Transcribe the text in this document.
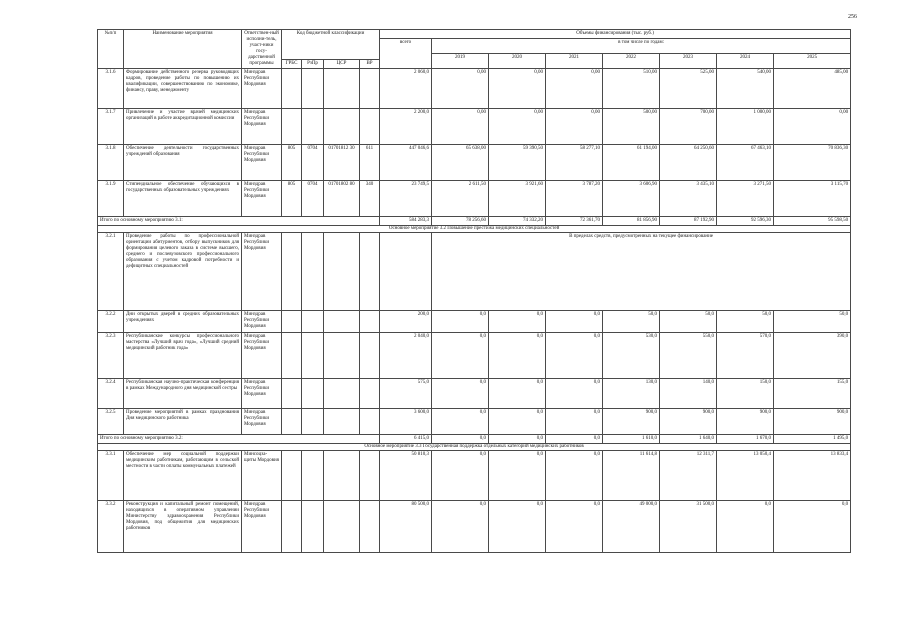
256
№п/п	Наименование мероприятия	Ответствен-ный исполни-тель, участ-ники госу-дарственной программы	Код бюджетной классификации				Объемы финансирования (тыс. руб.)							
							всего	в том числе по годам:						
								2019	2020	2021	2022	2023	2024	2025
			ГРБС	РзПр	ЦСР	ВР								
3.1.6	Формирование действенного резерва руководящих кадров, проведение работы по повышению их квалификации, совершенствованию по экономике, финансу, праву, менеджменту	Минздрав Республики Мордовия					2 060,0	0,00	0,00	0,00	510,00	525,00	540,00	485,00
3.1.7	Привлечение и участие врачей медицинских организаций в работе аккредитационной комиссии	Минздрав Республики Мордовия					2 200,0	0,00	0,00	0,00	500,00	700,00	1 000,00	0,00
3.1.8	Обеспечение деятельности государственных учреждений образования	Минздрав Республики Мордовия	805	0704	01701812 30	611	447 046,6	65 638,00	59 390,50	58 277,10	61 194,00	64 250,60	67 463,10	70 836,30
3.1.9	Стипендиальное обеспечение обучающихся в государственных образовательных учреждениях	Минздрав Республики Мордовия	805	0704	01701802 80	340	23 749,5	2 611,50	3 921,60	3 787,20	3 606,90	3 435,10	3 271,50	3 115,70
Итого по основному мероприятию 3.1:							584 283,3	78 256,60	74 332,20	72 361,70	81 856,90	87 192,90	92 596,30	95 598,50
Основное мероприятие 3.2 Повышение престижа медицинских специальностей														
3.2.1	Проведение работы по профессиональной ориентации абитуриентов, отбору выпускников для формирования целевого заказа в системе высшего, среднего и послевузовского профессионального образования с учетом кадровой потребности и дефицитных специальностей	Минздрав Республики Мордовия						В пределах средств, предусмотренных на текущее финансирование						

3.2.2	Дни открытых дверей в средних образовательных учреждениях	Минздрав Республики Мордовия					200,0	0,0	0,0	0,0	50,0	50,0	50,0	50,0
3.2.3	Республиканские конкурсы профессионального мастерства «Лучший врач года», «Лучший средний медицинский работник года»	Минздрав Республики Мордовия					2 040,0	0,0	0,0	0,0	530,0	550,0	570,0	390,0
3.2.4	Республиканская научно-практическая конференция в рамках Международного дня медицинской сестры	Минздрав Республики Мордовия					575,0	0,0	0,0	0,0	130,0	140,0	150,0	155,0
3.2.5	Проведение мероприятий в рамках празднования Дня медицинского работника	Минздрав Республики Мордовия					3 600,0	0,0	0,0	0,0	900,0	900,0	900,0	900,0
Итого по основному мероприятию 3.2:							6 415,0	0,0	0,0	0,0	1 610,0	1 640,0	1 670,0	1 495,0
Основное мероприятие 3.3 Государственная поддержка отдельных категорий медицинских работников														
3.3.1	Обеспечение мер социальной поддержки медицинским работникам, работающим в сельской местности в части оплаты коммунальных платежей	Минсоцза-щиты Мордовия					50 810,3	0,0	0,0	0,0	11 614,8	12 311,7	13 050,4	13 833,4
3.3.2	Реконструкция и капитальный ремонт помещений, находящихся в оперативном управлении Министерству здравоохранения Республики Мордовия, под общежития для медицинских работников	Минздрав Республики Мордовия					80 500,0	0,0	0,0	0,0	49 000,0	31 500,0	0,0	0,0
